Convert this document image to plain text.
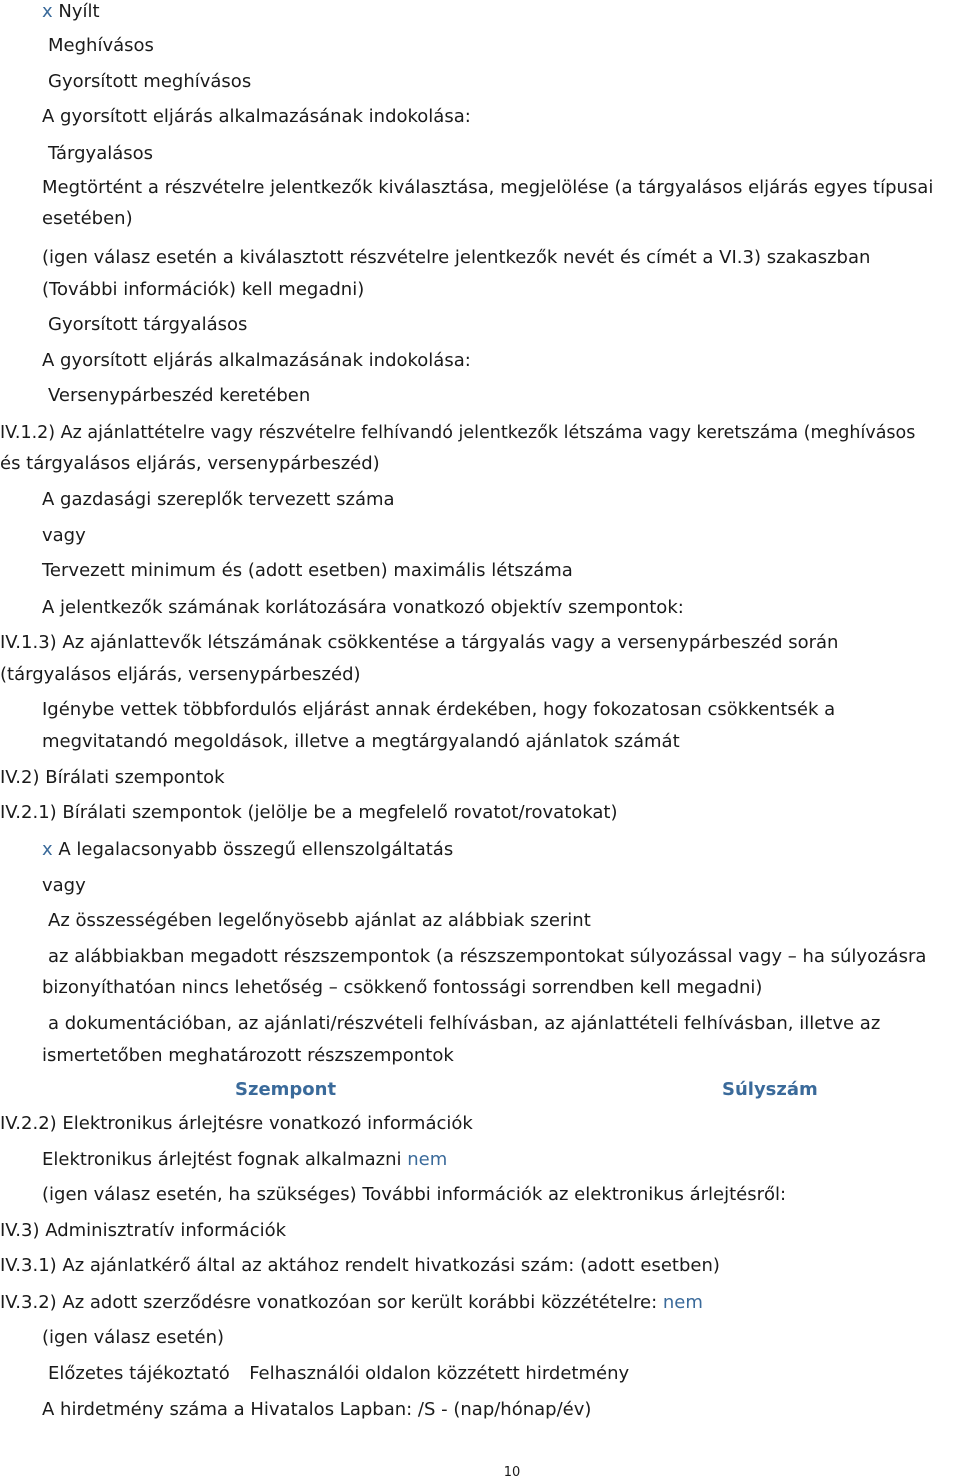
x Nyílt
Meghívásos
Gyorsított meghívásos
A gyorsított eljárás alkalmazásának indokolása:
Tárgyalásos
Megtörtént a részvételre jelentkezők kiválasztása, megjelölése (a tárgyalásos eljárás egyes típusai
esetében)
(igen válasz esetén a kiválasztott részvételre jelentkezők nevét és címét a VI.3) szakaszban
(További információk) kell megadni)
Gyorsított tárgyalásos
A gyorsított eljárás alkalmazásának indokolása:
Versenypárbeszéd keretében
IV.1.2) Az ajánlattételre vagy részvételre felhívandó jelentkezők létszáma vagy keretszáma (meghívásos
és tárgyalásos eljárás, versenypárbeszéd)
A gazdasági szereplők tervezett száma
vagy
Tervezett minimum és (adott esetben) maximális létszáma
A jelentkezők számának korlátozására vonatkozó objektív szempontok:
IV.1.3) Az ajánlattevők létszámának csökkentése a tárgyalás vagy a versenypárbeszéd során
(tárgyalásos eljárás, versenypárbeszéd)
Igénybe vettek többfordulós eljárást annak érdekében, hogy fokozatosan csökkentsék a
megvitatandó megoldások, illetve a megtárgyalandó ajánlatok számát
IV.2) Bírálati szempontok
IV.2.1) Bírálati szempontok (jelölje be a megfelelő rovatot/rovatokat)
x A legalacsonyabb összegű ellenszolgáltatás
vagy
Az összességében legelőnyösebb ajánlat az alábbiak szerint
az alábbiakban megadott részszempontok (a részszempontokat súlyozással vagy – ha súlyozásra
bizonyíthatóan nincs lehetőség – csökkenő fontossági sorrendben kell megadni)
a dokumentációban, az ajánlati/részvételi felhívásban, az ajánlattételi felhívásban, illetve az
ismertetőben meghatározott részszempontok
Szempont	Súlyszám
IV.2.2) Elektronikus árlejtésre vonatkozó információk
Elektronikus árlejtést fognak alkalmazni nem
(igen válasz esetén, ha szükséges) További információk az elektronikus árlejtésről:
IV.3) Adminisztratív információk
IV.3.1) Az ajánlatkérő által az aktához rendelt hivatkozási szám: (adott esetben)
IV.3.2) Az adott szerződésre vonatkozóan sor került korábbi közzétételre: nem
(igen válasz esetén)
Előzetes tájékoztató Felhasználói oldalon közzétett hirdetmény
A hirdetmény száma a Hivatalos Lapban: /S - (nap/hónap/év)
10
